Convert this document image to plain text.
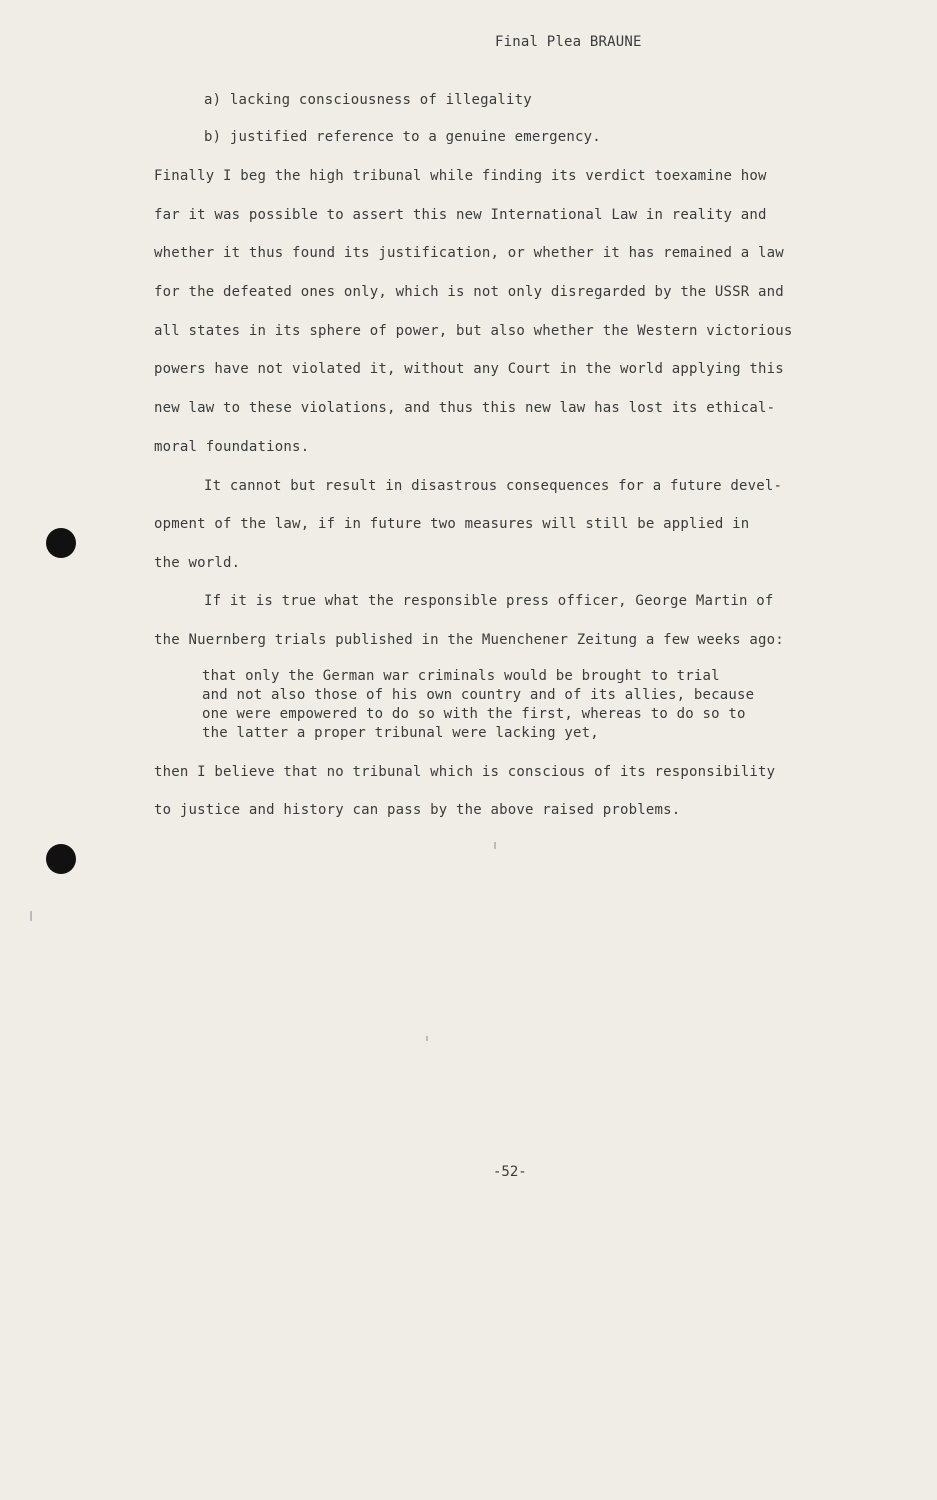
Final Plea BRAUNE
a) lacking consciousness of illegality
b) justified reference to a genuine emergency.
Finally I beg the high tribunal while finding its verdict toexamine how
far it was possible to assert this new International Law in reality and
whether it thus found its justification, or whether it has remained a law
for the defeated ones only, which is not only disregarded by the USSR and
all states in its sphere of power, but also whether the Western victorious
powers have not violated it, without any Court in the world applying this
new law to these violations, and thus this new law has lost its ethical-
moral foundations.
It cannot but result in disastrous consequences for a future devel-
opment of the law, if in future two measures will still be applied in
the world.
If it is true what the responsible press officer, George Martin of
the Nuernberg trials published in the Muenchener Zeitung a few weeks ago:
that only the German war criminals would be brought to trial
and not also those of his own country and of its allies, because
one were empowered to do so with the first, whereas to do so to
the latter a proper tribunal were lacking yet,
then I believe that no tribunal which is conscious of its responsibility
to justice and history can pass by the above raised problems.
-52-
